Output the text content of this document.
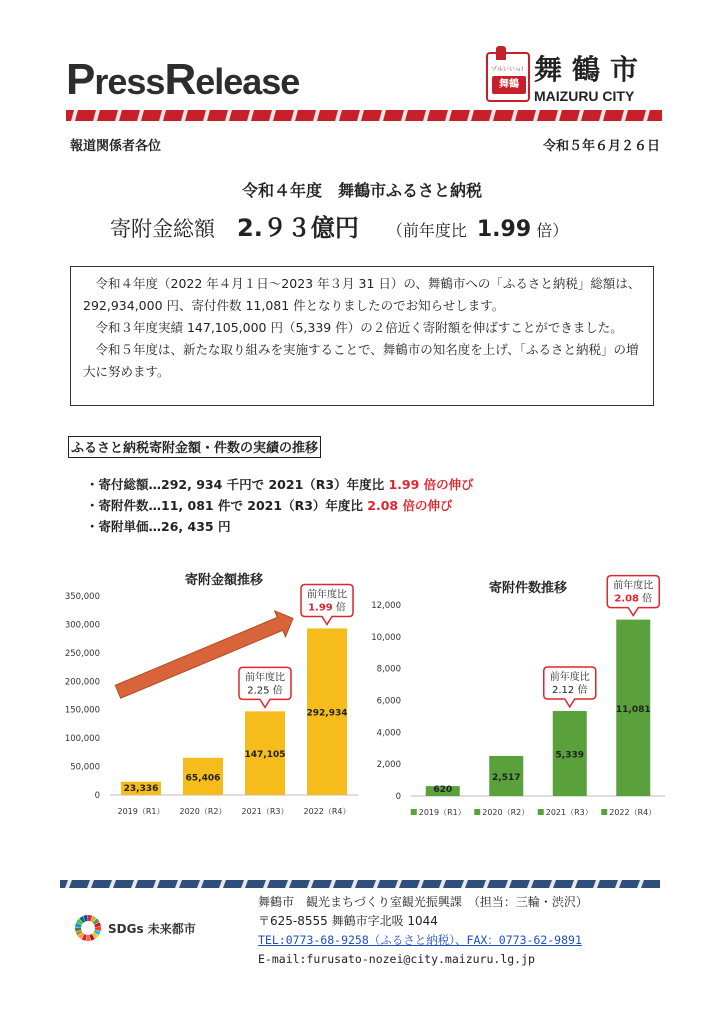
PressRelease	ヅルいいっ!
舞鶴 舞鶴市
MAIZURU CITY
報道関係者各位	令和５年６月２６日
令和４年度　舞鶴市ふるさと納税
寄附金総額 2.９３億円 （前年度比 1.99 倍）

令和４年度（2022 年４月１日～2023 年３月 31 日）の、舞鶴市への「ふるさと納税」総額は、292,934,000 円、寄付件数 11,081 件となりましたのでお知らせします。

令和３年度実績 147,105,000 円（5,339 件）の２倍近く寄附額を伸ばすことができました。

令和５年度は、新たな取り組みを実施することで、舞鶴市の知名度を上げ、「ふるさと納税」の増大に努めます。

ふるさと納税寄附金額・件数の実績の推移
・寄付総額…292, 934 千円で 2021（R3）年度比 1.99 倍の伸び
・寄附件数…11, 081 件で 2021（R3）年度比 2.08 倍の伸び
・寄附単価…26, 435 円
寄附金額推移
0
50,000
100,000
150,000
200,000
250,000
300,000
350,000
23,336
2019（R1）
65,406
2020（R2）
147,105
2021（R3）
292,934
2022（R4）
前年度比
2.25 倍
前年度比
1.99 倍
寄附件数推移
0
2,000
4,000
6,000
8,000
10,000
12,000
620
2019（R1）
2,517
2020（R2）
5,339
2021（R3）
11,081
2022（R4）
前年度比
2.12 倍
前年度比
2.08 倍
SDGs 未来都市
舞鶴市　観光まちづくり室観光振興課　（担当：三輪・渋沢）
〒625-8555 舞鶴市字北吸 1044
TEL:0773-68-9258（ふるさと納税）、FAX：0773-62-9891
E-mail:furusato-nozei@city.maizuru.lg.jp
